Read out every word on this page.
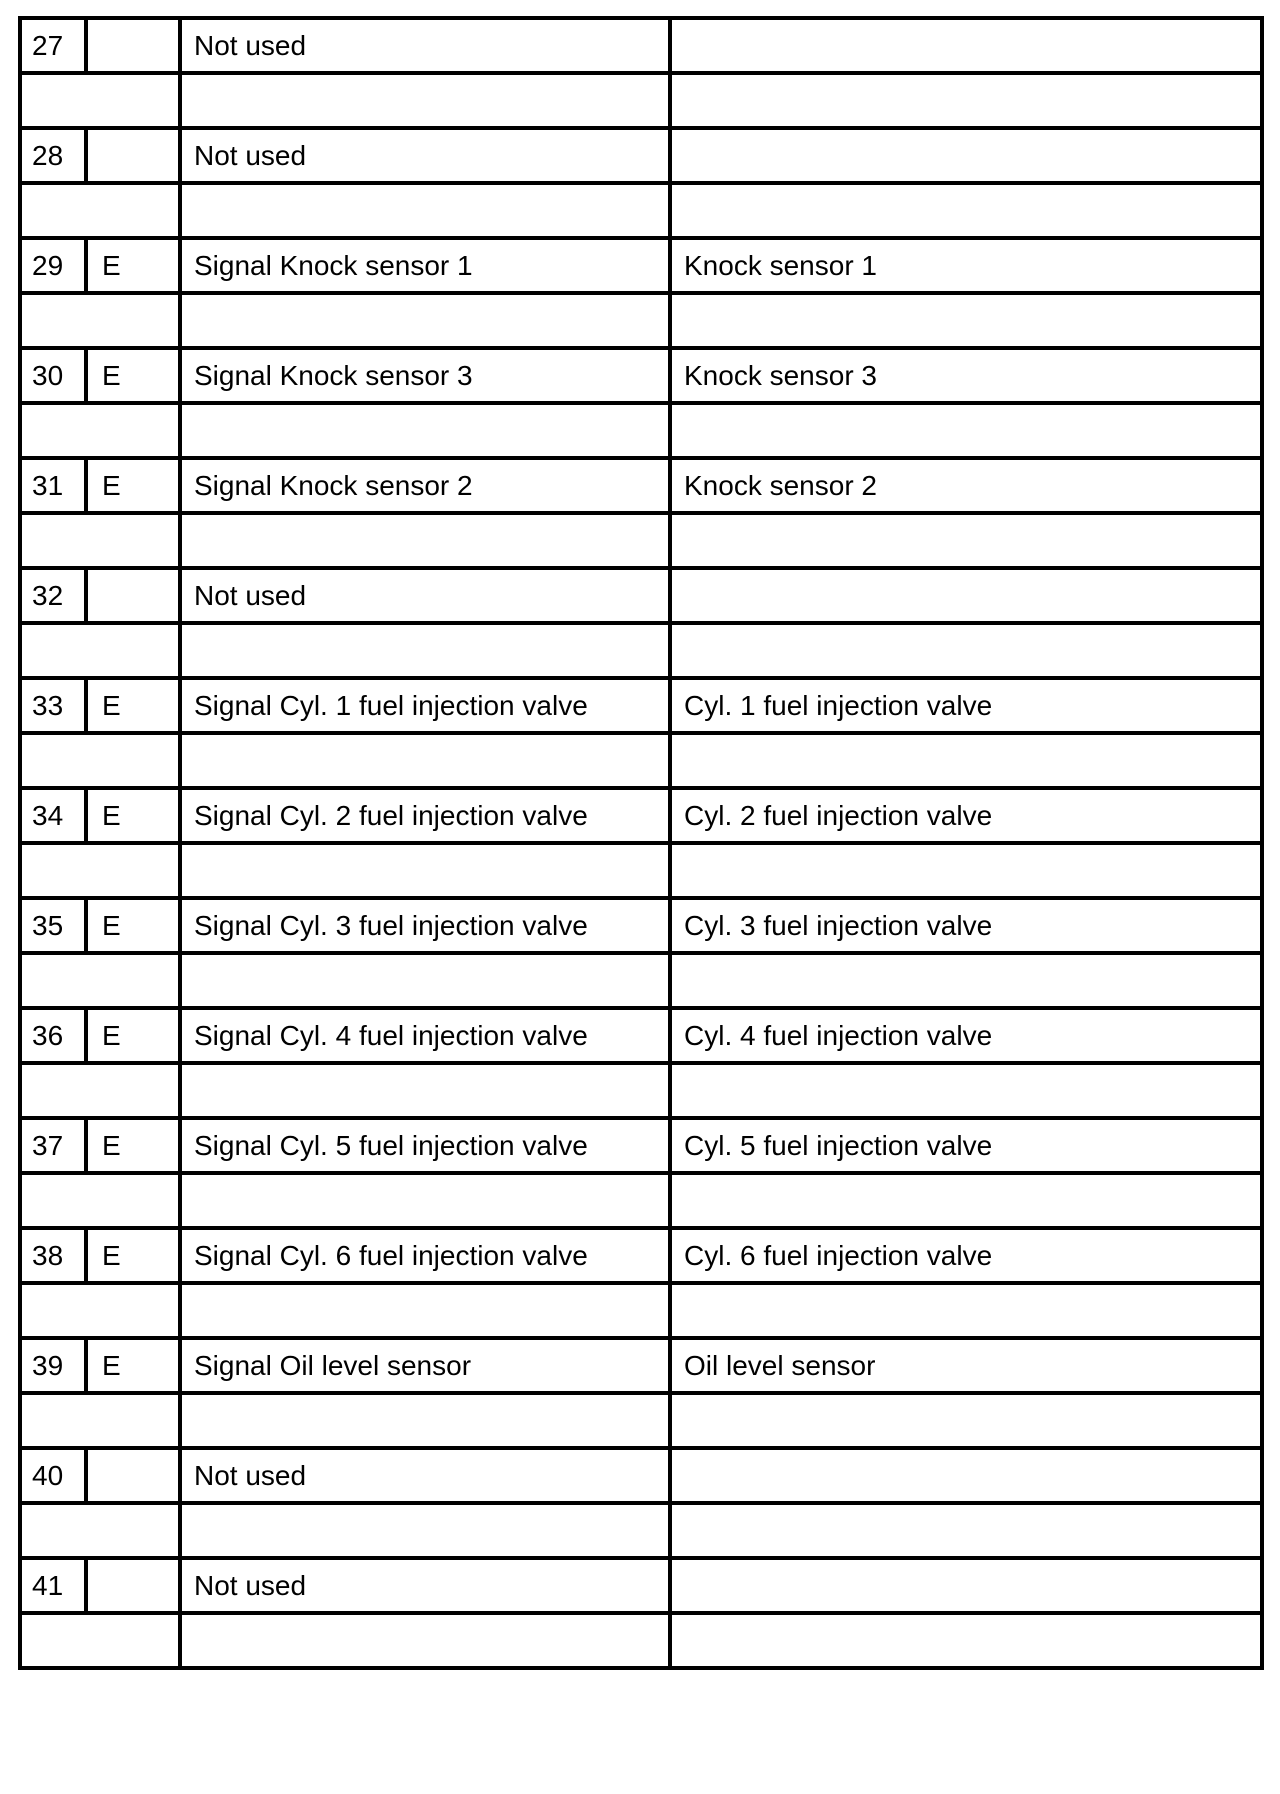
27		Not used	

28		Not used	

29	E	Signal Knock sensor 1	Knock sensor 1

30	E	Signal Knock sensor 3	Knock sensor 3

31	E	Signal Knock sensor 2	Knock sensor 2

32		Not used	

33	E	Signal Cyl. 1 fuel injection valve	Cyl. 1 fuel injection valve

34	E	Signal Cyl. 2 fuel injection valve	Cyl. 2 fuel injection valve

35	E	Signal Cyl. 3 fuel injection valve	Cyl. 3 fuel injection valve

36	E	Signal Cyl. 4 fuel injection valve	Cyl. 4 fuel injection valve

37	E	Signal Cyl. 5 fuel injection valve	Cyl. 5 fuel injection valve

38	E	Signal Cyl. 6 fuel injection valve	Cyl. 6 fuel injection valve

39	E	Signal Oil level sensor	Oil level sensor

40		Not used	

41		Not used	
